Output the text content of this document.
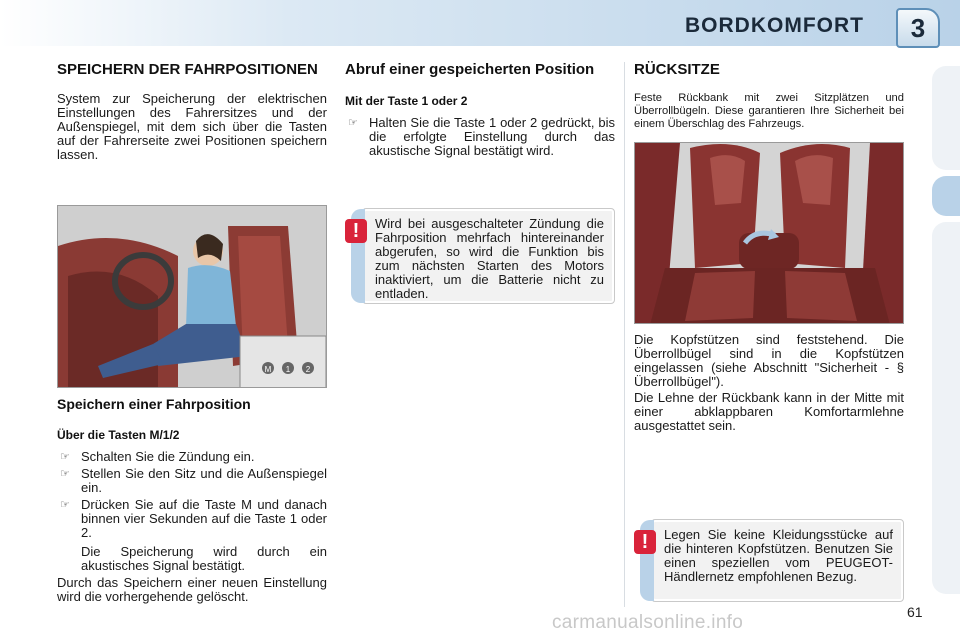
BORDKOMFORT	3
SPEICHERN DER FAHRPOSITIONEN
System zur Speicherung der elektrischen Einstellungen des Fahrersitzes und der Außenspiegel, mit dem sich über die Tasten auf der Fahrerseite zwei Positionen speichern lassen.
M 1 2
Speichern einer Fahrposition
Über die Tasten M/1/2
☞ Schalten Sie die Zündung ein.
☞ Stellen Sie den Sitz und die Außenspiegel ein.
☞ Drücken Sie auf die Taste M und danach binnen vier Sekunden auf die Taste 1 oder 2.
Die Speicherung wird durch ein akustisches Signal bestätigt.
Durch das Speichern einer neuen Einstellung wird die vorhergehende gelöscht.
Abruf einer gespeicherten Position
Mit der Taste 1 oder 2
☞ Halten Sie die Taste 1 oder 2 gedrückt, bis die erfolgte Einstellung durch das akustische Signal bestätigt wird.
!	Wird bei ausgeschalteter Zündung die Fahrposition mehrfach hintereinander abgerufen, so wird die Funktion bis zum nächsten Starten des Motors inaktiviert, um die Batterie nicht zu entladen.
RÜCKSITZE
Feste Rückbank mit zwei Sitzplätzen und Überrollbügeln. Diese garantieren Ihre Sicherheit bei einem Überschlag des Fahrzeugs.
Die Kopfstützen sind feststehend. Die Überrollbügel sind in die Kopfstützen eingelassen (siehe Abschnitt "Sicherheit - § Überrollbügel").
Die Lehne der Rückbank kann in der Mitte mit einer abklappbaren Komfortarmlehne ausgestattet sein.
!	Legen Sie keine Kleidungsstücke auf die hinteren Kopfstützen. Benutzen Sie einen speziellen vom PEUGEOT-Händlernetz empfohlenen Bezug.
carmanualsonline.info	61
